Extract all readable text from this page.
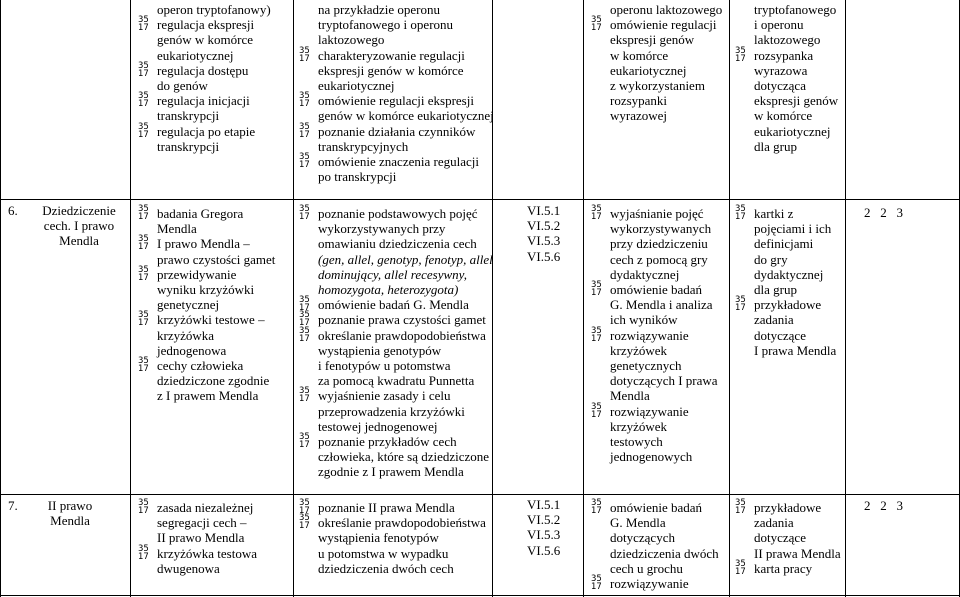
operon tryptofanowy)
35
17 regulacja ekspresji
genów w komórce
eukariotycznej
35
17 regulacja dostępu
do genów
35
17 regulacja inicjacji
transkrypcji
35
17 regulacja po etapie
transkrypcji
na przykładzie operonu
tryptofanowego i operonu
laktozowego
35
17 charakteryzowanie regulacji
ekspresji genów w komórce
eukariotycznej
35
17 omówienie regulacji ekspresji
genów w komórce eukariotycznej
35
17 poznanie działania czynników
transkrypcyjnych
35
17 omówienie znaczenia regulacji
po transkrypcji
operonu laktozowego
35
17 omówienie regulacji
ekspresji genów
w komórce
eukariotycznej
z wykorzystaniem
rozsypanki
wyrazowej
tryptofanowego
i operonu
laktozowego
35
17 rozsypanka
wyrazowa
dotycząca
ekspresji genów
w komórce
eukariotycznej
dla grup
6.	Dziedziczenie
cech. I prawo
Mendla
35
17 badania Gregora
Mendla
35
17 I prawo Mendla –
prawo czystości gamet
35
17 przewidywanie
wyniku krzyżówki
genetycznej
35
17 krzyżówki testowe –
krzyżówka
jednogenowa
35
17 cechy człowieka
dziedziczone zgodnie
z I prawem Mendla
35
17 poznanie podstawowych pojęć
wykorzystywanych przy
omawianiu dziedziczenia cech
(gen, allel, genotyp, fenotyp, allel
dominujący, allel recesywny,
homozygota, heterozygota)
35
17 omówienie badań G. Mendla
35
17 poznanie prawa czystości gamet
35
17 określanie prawdopodobieństwa
wystąpienia genotypów
i fenotypów u potomstwa
za pomocą kwadratu Punnetta
35
17 wyjaśnienie zasady i celu
przeprowadzenia krzyżówki
testowej jednogenowej
35
17 poznanie przykładów cech
człowieka, które są dziedziczone
zgodnie z I prawem Mendla
VI.5.1
VI.5.2
VI.5.3
VI.5.6
35
17 wyjaśnianie pojęć
wykorzystywanych
przy dziedziczeniu
cech z pomocą gry
dydaktycznej
35
17 omówienie badań
G. Mendla i analiza
ich wyników
35
17 rozwiązywanie
krzyżówek
genetycznych
dotyczących I prawa
Mendla
35
17 rozwiązywanie
krzyżówek
testowych
jednogenowych
35
17 kartki z
pojęciami i ich
definicjami
do gry
dydaktycznej
dla grup
35
17 przykładowe
zadania
dotyczące
I prawa Mendla
2   2   3
7.	II prawo
Mendla
35
17 zasada niezależnej
segregacji cech –
II prawo Mendla
35
17 krzyżówka testowa
dwugenowa
35
17 poznanie II prawa Mendla
35
17 określanie prawdopodobieństwa
wystąpienia fenotypów
u potomstwa w wypadku
dziedziczenia dwóch cech
VI.5.1
VI.5.2
VI.5.3
VI.5.6
35
17 omówienie badań
G. Mendla
dotyczących
dziedziczenia dwóch
cech u grochu
35
17 rozwiązywanie
35
17 przykładowe
zadania
dotyczące
II prawa Mendla
35
17 karta pracy
2   2   3
